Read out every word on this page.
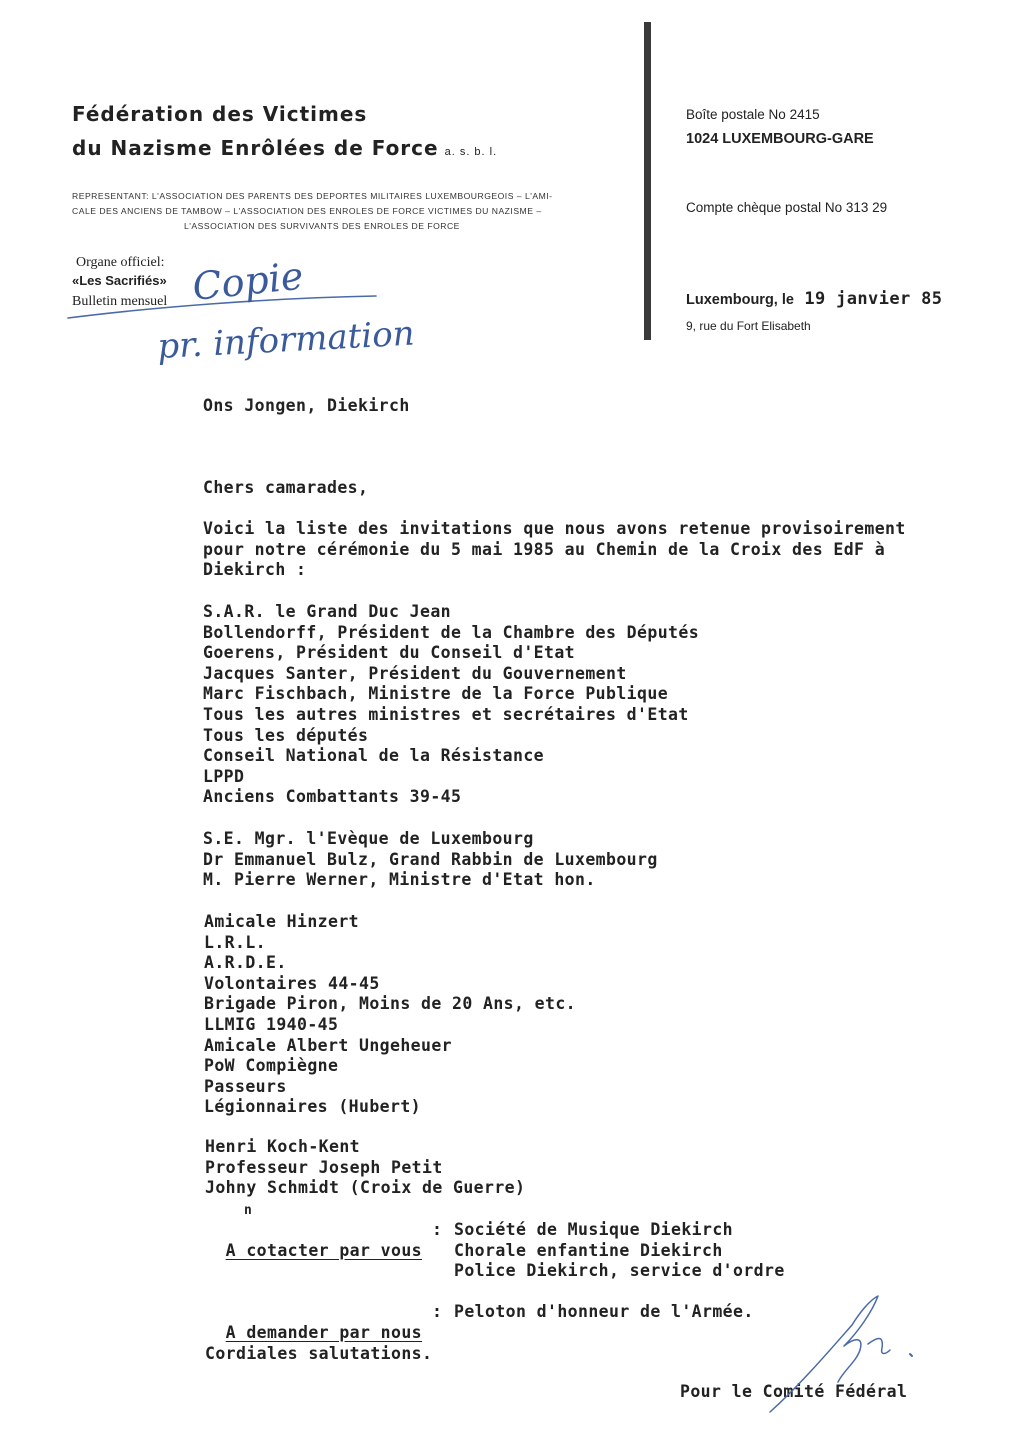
Fédération des Victimes
du Nazisme Enrôlées de Force a. s. b. l.
REPRESENTANT: L'ASSOCIATION DES PARENTS DES DEPORTES MILITAIRES LUXEMBOURGEOIS – L'AMI-
CALE DES ANCIENS DE TAMBOW – L'ASSOCIATION DES ENROLES DE FORCE VICTIMES DU NAZISME –
L'ASSOCIATION DES SURVIVANTS DES ENROLES DE FORCE
Organe officiel:
«Les Sacrifiés»
Bulletin mensuel
Boîte postale No 2415
1024 LUXEMBOURG-GARE
Compte chèque postal No 313 29
Luxembourg, le 19 janvier 85
9, rue du Fort Elisabeth
Copie
pr. information
Ons Jongen, Diekirch
Chers camarades,
Voici la liste des invitations que nous avons retenue provisoirement
pour notre cérémonie du 5 mai 1985 au Chemin de la Croix des EdF à
Diekirch :
S.A.R. le Grand Duc Jean
Bollendorff, Président de la Chambre des Députés
Goerens, Président du Conseil d'Etat
Jacques Santer, Président du Gouvernement
Marc Fischbach, Ministre de la Force Publique
Tous les autres ministres et secrétaires d'Etat
Tous les députés
Conseil National de la Résistance
LPPD
Anciens Combattants 39-45
S.E. Mgr. l'Evèque de Luxembourg
Dr Emmanuel Bulz, Grand Rabbin de Luxembourg
M. Pierre Werner, Ministre d'Etat hon.
Amicale Hinzert
L.R.L.
A.R.D.E.
Volontaires 44-45
Brigade Piron, Moins de 20 Ans, etc.
LLMIG 1940-45
Amicale Albert Ungeheuer
PoW Compiègne
Passeurs
Légionnaires (Hubert)
Henri Koch-Kent
Professeur Joseph Petit
Johny Schmidt (Croix de Guerre)

A cotacter par vous

n
: Société de Musique Diekirch
Chorale enfantine Diekirch
Police Diekirch, service d'ordre

A demander par nous

: Peloton d'honneur de l'Armée.
Cordiales salutations.
Pour le Comité Fédéral
